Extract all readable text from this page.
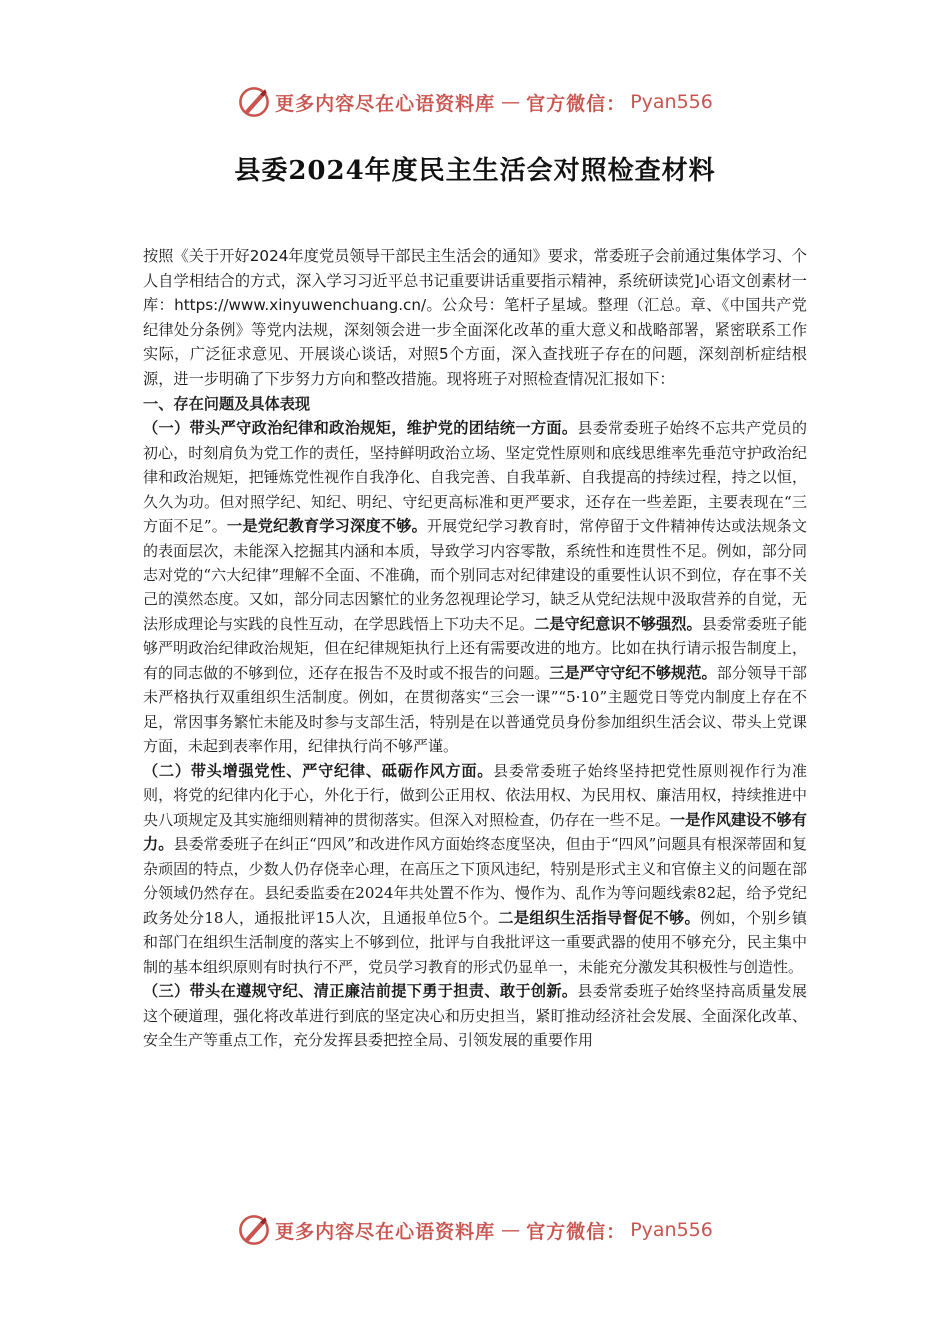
更多内容尽在心语资料库 — 官方微信： Pyan556
县委2024年度民主生活会对照检查材料

按照《关于开好2024年度党员领导干部民主生活会的通知》要求，常委班子会前通过集体学习、个人自学相结合的方式，深入学习习近平总书记重要讲话重要指示精神，系统研读党]心语文创素材一库：https://www.xinyuwenchuang.cn/。公众号：笔杆子星域。整理（汇总。章、《中国共产党纪律处分条例》等党内法规，深刻领会进一步全面深化改革的重大意义和战略部署，紧密联系工作实际，广泛征求意见、开展谈心谈话，对照5个方面，深入查找班子存在的问题，深刻剖析症结根源，进一步明确了下步努力方向和整改措施。现将班子对照检查情况汇报如下：

一、存在问题及具体表现

（一）带头严守政治纪律和政治规矩，维护党的团结统一方面。县委常委班子始终不忘共产党员的初心，时刻肩负为党工作的责任，坚持鲜明政治立场、坚定党性原则和底线思维率先垂范守护政治纪律和政治规矩，把锤炼党性视作自我净化、自我完善、自我革新、自我提高的持续过程，持之以恒，久久为功。但对照学纪、知纪、明纪、守纪更高标准和更严要求，还存在一些差距，主要表现在“三方面不足”。一是党纪教育学习深度不够。开展党纪学习教育时，常停留于文件精神传达或法规条文的表面层次，未能深入挖掘其内涵和本质，导致学习内容零散，系统性和连贯性不足。例如，部分同志对党的“六大纪律”理解不全面、不准确，而个别同志对纪律建设的重要性认识不到位，存在事不关己的漠然态度。又如，部分同志因繁忙的业务忽视理论学习，缺乏从党纪法规中汲取营养的自觉，无法形成理论与实践的良性互动，在学思践悟上下功夫不足。二是守纪意识不够强烈。县委常委班子能够严明政治纪律政治规矩，但在纪律规矩执行上还有需要改进的地方。比如在执行请示报告制度上，有的同志做的不够到位，还存在报告不及时或不报告的问题。三是严守守纪不够规范。部分领导干部未严格执行双重组织生活制度。例如，在贯彻落实“三会一课”“5·10”主题党日等党内制度上存在不足，常因事务繁忙未能及时参与支部生活，特别是在以普通党员身份参加组织生活会议、带头上党课方面，未起到表率作用，纪律执行尚不够严谨。

（二）带头增强党性、严守纪律、砥砺作风方面。县委常委班子始终坚持把党性原则视作行为准则，将党的纪律内化于心，外化于行，做到公正用权、依法用权、为民用权、廉洁用权，持续推进中央八项规定及其实施细则精神的贯彻落实。但深入对照检查，仍存在一些不足。一是作风建设不够有力。县委常委班子在纠正“四风”和改进作风方面始终态度坚决，但由于“四风”问题具有根深蒂固和复杂顽固的特点，少数人仍存侥幸心理，在高压之下顶风违纪，特别是形式主义和官僚主义的问题在部分领域仍然存在。县纪委监委在2024年共处置不作为、慢作为、乱作为等问题线索82起，给予党纪政务处分18人，通报批评15人次，且通报单位5个。二是组织生活指导督促不够。例如，个别乡镇和部门在组织生活制度的落实上不够到位，批评与自我批评这一重要武器的使用不够充分，民主集中制的基本组织原则有时执行不严，党员学习教育的形式仍显单一，未能充分激发其积极性与创造性。

（三）带头在遵规守纪、清正廉洁前提下勇于担责、敢于创新。县委常委班子始终坚持高质量发展这个硬道理，强化将改革进行到底的坚定决心和历史担当，紧盯推动经济社会发展、全面深化改革、安全生产等重点工作，充分发挥县委把控全局、引领发展的重要作用

更多内容尽在心语资料库 — 官方微信： Pyan556
